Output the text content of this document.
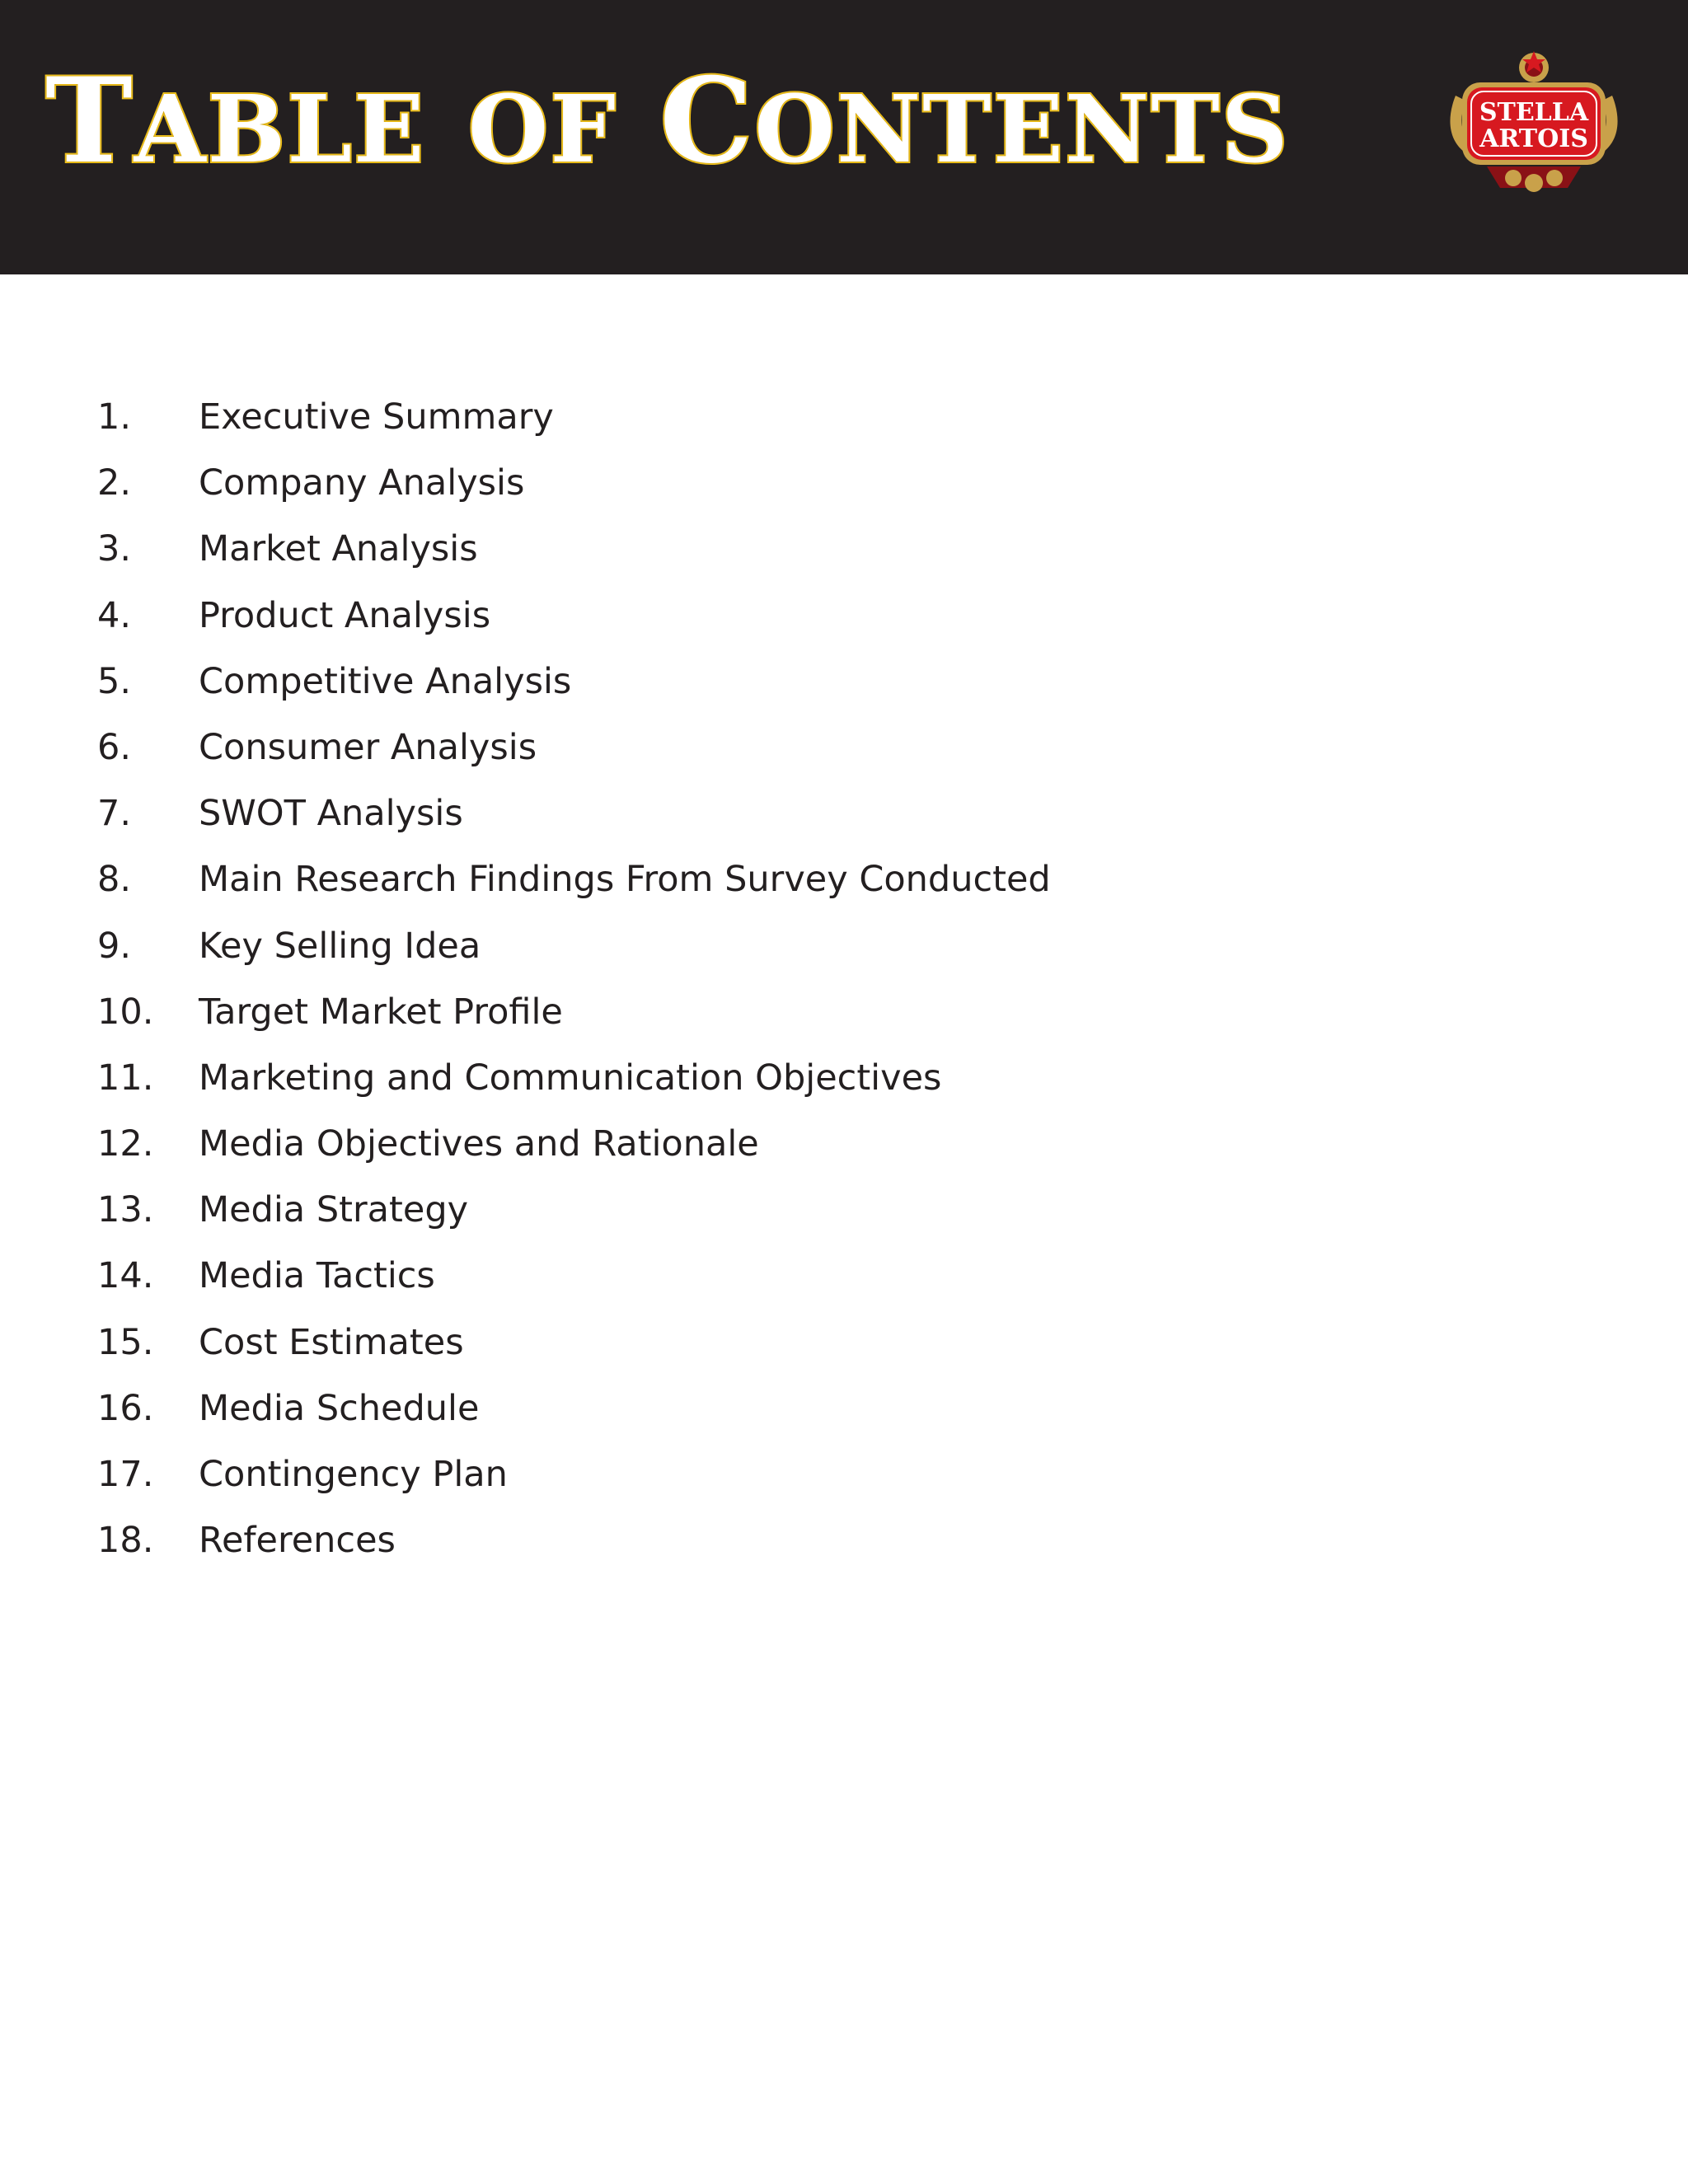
TABLE OF CONTENTS	STELLA
ARTOIS
1. Executive Summary
2. Company Analysis
3. Market Analysis
4. Product Analysis
5. Competitive Analysis
6. Consumer Analysis
7. SWOT Analysis
8. Main Research Findings From Survey Conducted
9. Key Selling Idea
10. Target Market Profile
11. Marketing and Communication Objectives
12. Media Objectives and Rationale
13. Media Strategy
14. Media Tactics
15. Cost Estimates
16. Media Schedule
17. Contingency Plan
18. References
